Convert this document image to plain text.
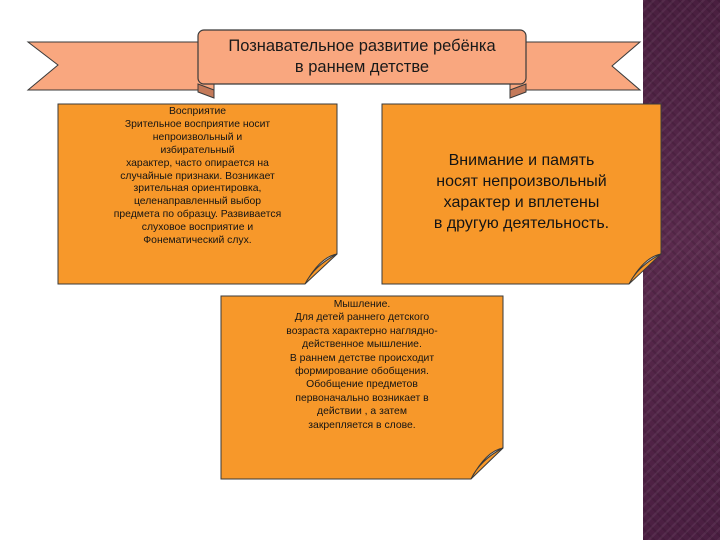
Познавательное развитие ребёнка
в раннем детстве
Восприятие
Зрительное восприятие носит
непроизвольный и
избирательный
характер, часто опирается на
случайные признаки. Возникает
зрительная ориентировка,
целенаправленный выбор
предмета по образцу. Развивается
слуховое восприятие и
Фонематический слух.
Внимание и память
носят непроизвольный
характер и вплетены
в другую деятельность.
Мышление.
Для детей раннего детского
возраста характерно наглядно-
действенное мышление.
В раннем детстве происходит
формирование обобщения.
Обобщение предметов
первоначально возникает в
действии , а затем
закрепляется в слове.
